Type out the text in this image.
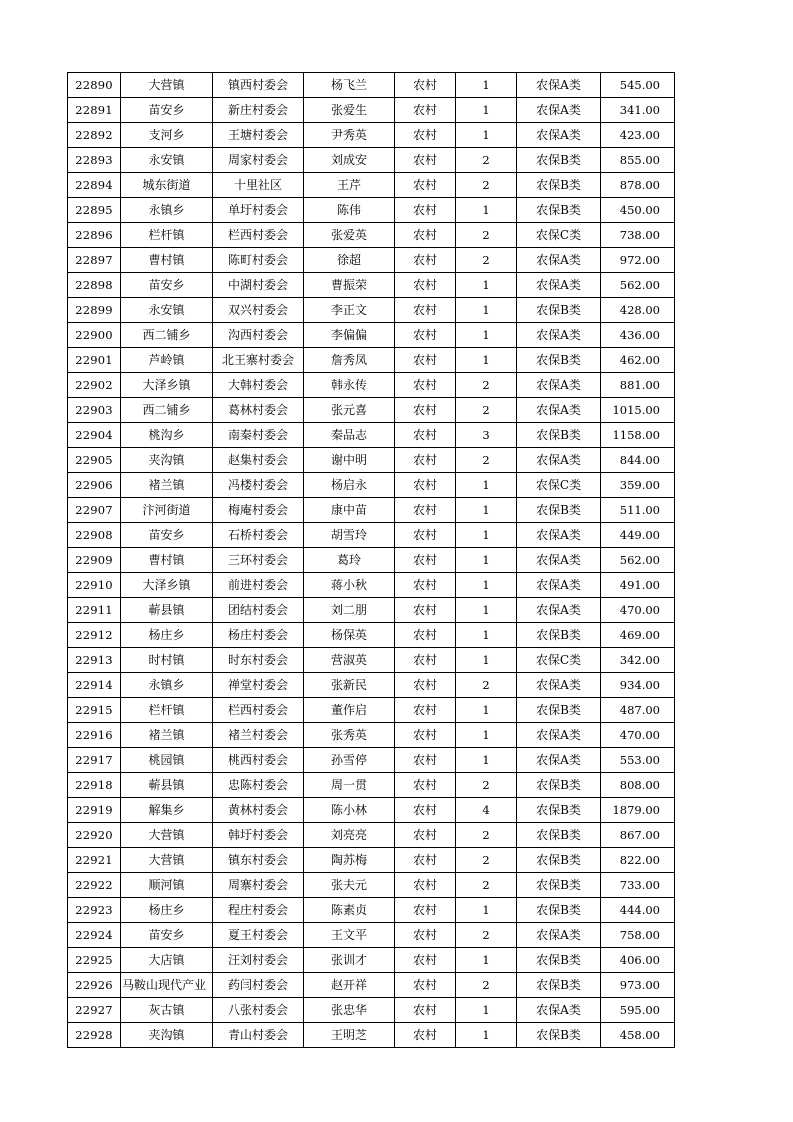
22890	大营镇	镇西村委会	杨飞兰	农村	1	农保A类	545.00
22891	苗安乡	新庄村委会	张爱生	农村	1	农保A类	341.00
22892	支河乡	王塘村委会	尹秀英	农村	1	农保A类	423.00
22893	永安镇	周家村委会	刘成安	农村	2	农保B类	855.00
22894	城东街道	十里社区	王芹	农村	2	农保B类	878.00
22895	永镇乡	单圩村委会	陈伟	农村	1	农保B类	450.00
22896	栏杆镇	栏西村委会	张爱英	农村	2	农保C类	738.00
22897	曹村镇	陈町村委会	徐超	农村	2	农保A类	972.00
22898	苗安乡	中湖村委会	曹振荣	农村	1	农保A类	562.00
22899	永安镇	双兴村委会	李正文	农村	1	农保B类	428.00
22900	西二铺乡	沟西村委会	李偏偏	农村	1	农保A类	436.00
22901	芦岭镇	北王寨村委会	詹秀凤	农村	1	农保B类	462.00
22902	大泽乡镇	大韩村委会	韩永传	农村	2	农保A类	881.00
22903	西二铺乡	葛林村委会	张元喜	农村	2	农保A类	1015.00
22904	桃沟乡	南秦村委会	秦品志	农村	3	农保B类	1158.00
22905	夹沟镇	赵集村委会	谢中明	农村	2	农保A类	844.00
22906	褚兰镇	冯楼村委会	杨启永	农村	1	农保C类	359.00
22907	汴河街道	梅庵村委会	康中苗	农村	1	农保B类	511.00
22908	苗安乡	石桥村委会	胡雪玲	农村	1	农保A类	449.00
22909	曹村镇	三环村委会	葛玲	农村	1	农保A类	562.00
22910	大泽乡镇	前进村委会	蒋小秋	农村	1	农保A类	491.00
22911	蕲县镇	团结村委会	刘二朋	农村	1	农保A类	470.00
22912	杨庄乡	杨庄村委会	杨保英	农村	1	农保B类	469.00
22913	时村镇	时东村委会	营淑英	农村	1	农保C类	342.00
22914	永镇乡	禅堂村委会	张新民	农村	2	农保A类	934.00
22915	栏杆镇	栏西村委会	董作启	农村	1	农保B类	487.00
22916	褚兰镇	褚兰村委会	张秀英	农村	1	农保A类	470.00
22917	桃园镇	桃西村委会	孙雪停	农村	1	农保A类	553.00
22918	蕲县镇	忠陈村委会	周一贯	农村	2	农保B类	808.00
22919	解集乡	黄林村委会	陈小林	农村	4	农保B类	1879.00
22920	大营镇	韩圩村委会	刘亮亮	农村	2	农保B类	867.00
22921	大营镇	镇东村委会	陶苏梅	农村	2	农保B类	822.00
22922	顺河镇	周寨村委会	张夫元	农村	2	农保B类	733.00
22923	杨庄乡	程庄村委会	陈素贞	农村	1	农保B类	444.00
22924	苗安乡	夏王村委会	王文平	农村	2	农保A类	758.00
22925	大店镇	汪刘村委会	张训才	农村	1	农保B类	406.00
22926	马鞍山现代产业	药闫村委会	赵开祥	农村	2	农保B类	973.00
22927	灰古镇	八张村委会	张忠华	农村	1	农保A类	595.00
22928	夹沟镇	青山村委会	王明芝	农村	1	农保B类	458.00
